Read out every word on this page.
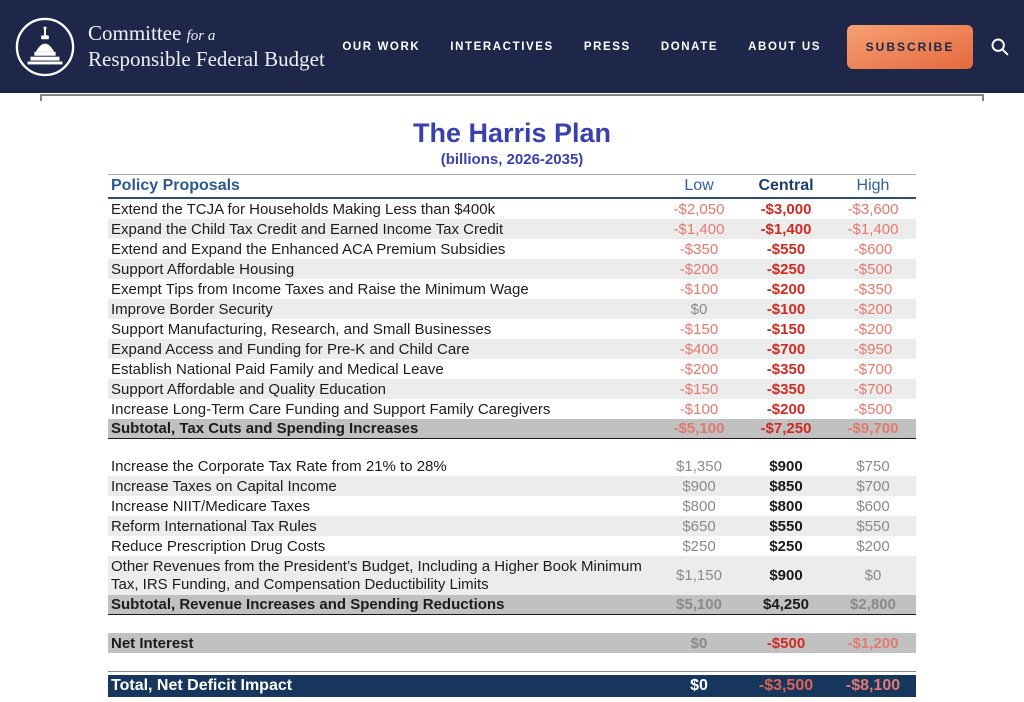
Committee for a
Responsible Federal Budget OUR WORK	INTERACTIVES	PRESS	DONATE	ABOUT US	SUBSCRIBE
The Harris Plan
(billions, 2026-2035)
Policy Proposals	Low	Central	High
Extend the TCJA for Households Making Less than $400k	-$2,050	-$3,000	-$3,600
Expand the Child Tax Credit and Earned Income Tax Credit	-$1,400	-$1,400	-$1,400
Extend and Expand the Enhanced ACA Premium Subsidies	-$350	-$550	-$600
Support Affordable Housing	-$200	-$250	-$500
Exempt Tips from Income Taxes and Raise the Minimum Wage	-$100	-$200	-$350
Improve Border Security	$0	-$100	-$200
Support Manufacturing, Research, and Small Businesses	-$150	-$150	-$200
Expand Access and Funding for Pre-K and Child Care	-$400	-$700	-$950
Establish National Paid Family and Medical Leave	-$200	-$350	-$700
Support Affordable and Quality Education	-$150	-$350	-$700
Increase Long-Term Care Funding and Support Family Caregivers	-$100	-$200	-$500
Subtotal, Tax Cuts and Spending Increases	-$5,100	-$7,250	-$9,700
Increase the Corporate Tax Rate from 21% to 28%	$1,350	$900	$750
Increase Taxes on Capital Income	$900	$850	$700
Increase NIIT/Medicare Taxes	$800	$800	$600
Reform International Tax Rules	$650	$550	$550
Reduce Prescription Drug Costs	$250	$250	$200
Other Revenues from the President’s Budget, Including a Higher Book Minimum Tax, IRS Funding, and Compensation Deductibility Limits	$1,150	$900	$0
Subtotal, Revenue Increases and Spending Reductions	$5,100	$4,250	$2,800
Net Interest	$0	-$500	-$1,200
Total, Net Deficit Impact	$0	-$3,500	-$8,100
